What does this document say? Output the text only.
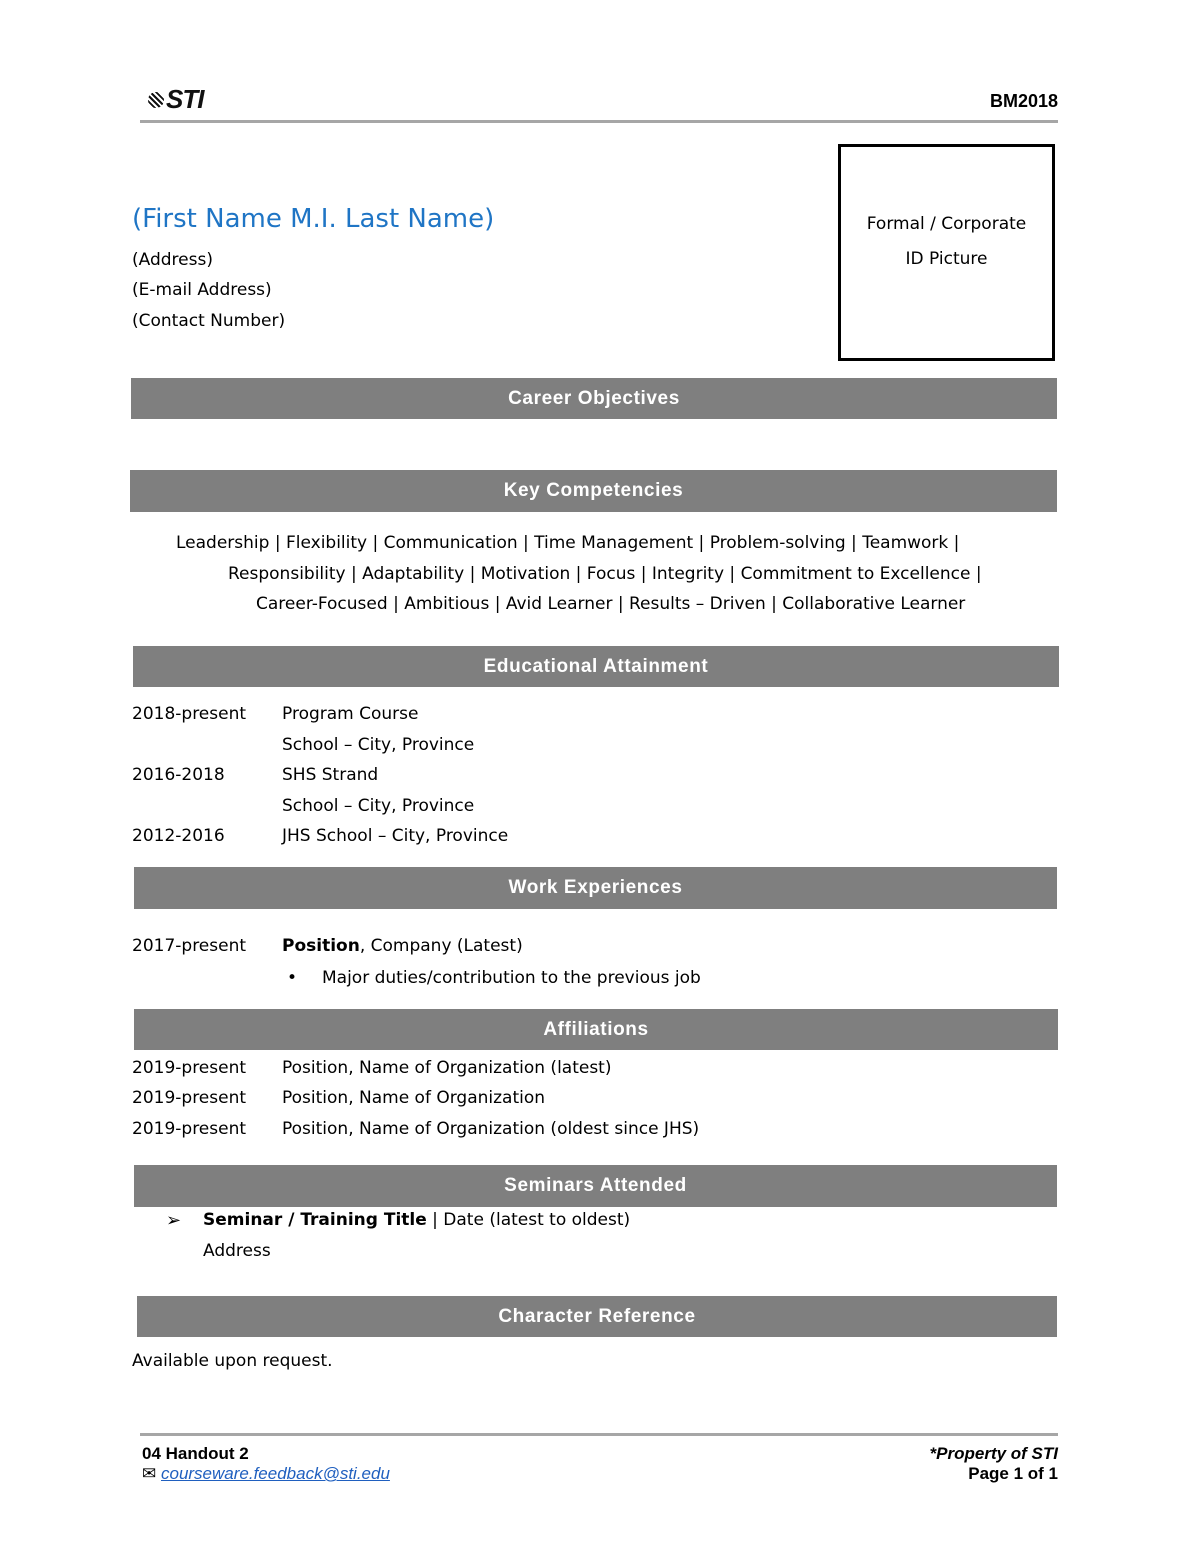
STI	BM2018
(First Name M.I. Last Name)
(Address)
(E-mail Address)
(Contact Number)
Formal / Corporate
ID Picture
Career Objectives
Key Competencies
Leadership | Flexibility | Communication | Time Management | Problem-solving | Teamwork |
Responsibility | Adaptability | Motivation | Focus | Integrity | Commitment to Excellence |
Career-Focused | Ambitious | Avid Learner | Results – Driven | Collaborative Learner
Educational Attainment
2018-present Program Course
School – City, Province
2016-2018	SHS Strand
School – City, Province
2012-2016	JHS School – City, Province
Work Experiences
2017-present Position, Company (Latest)
• Major duties/contribution to the previous job
Affiliations
2019-present Position, Name of Organization (latest)
2019-present Position, Name of Organization
2019-present Position, Name of Organization (oldest since JHS)
Seminars Attended
➢ Seminar / Training Title | Date (latest to oldest)
Address
Character Reference
Available upon request.
04 Handout 2
✉ courseware.feedback@sti.edu
*Property of STI
Page 1 of 1
